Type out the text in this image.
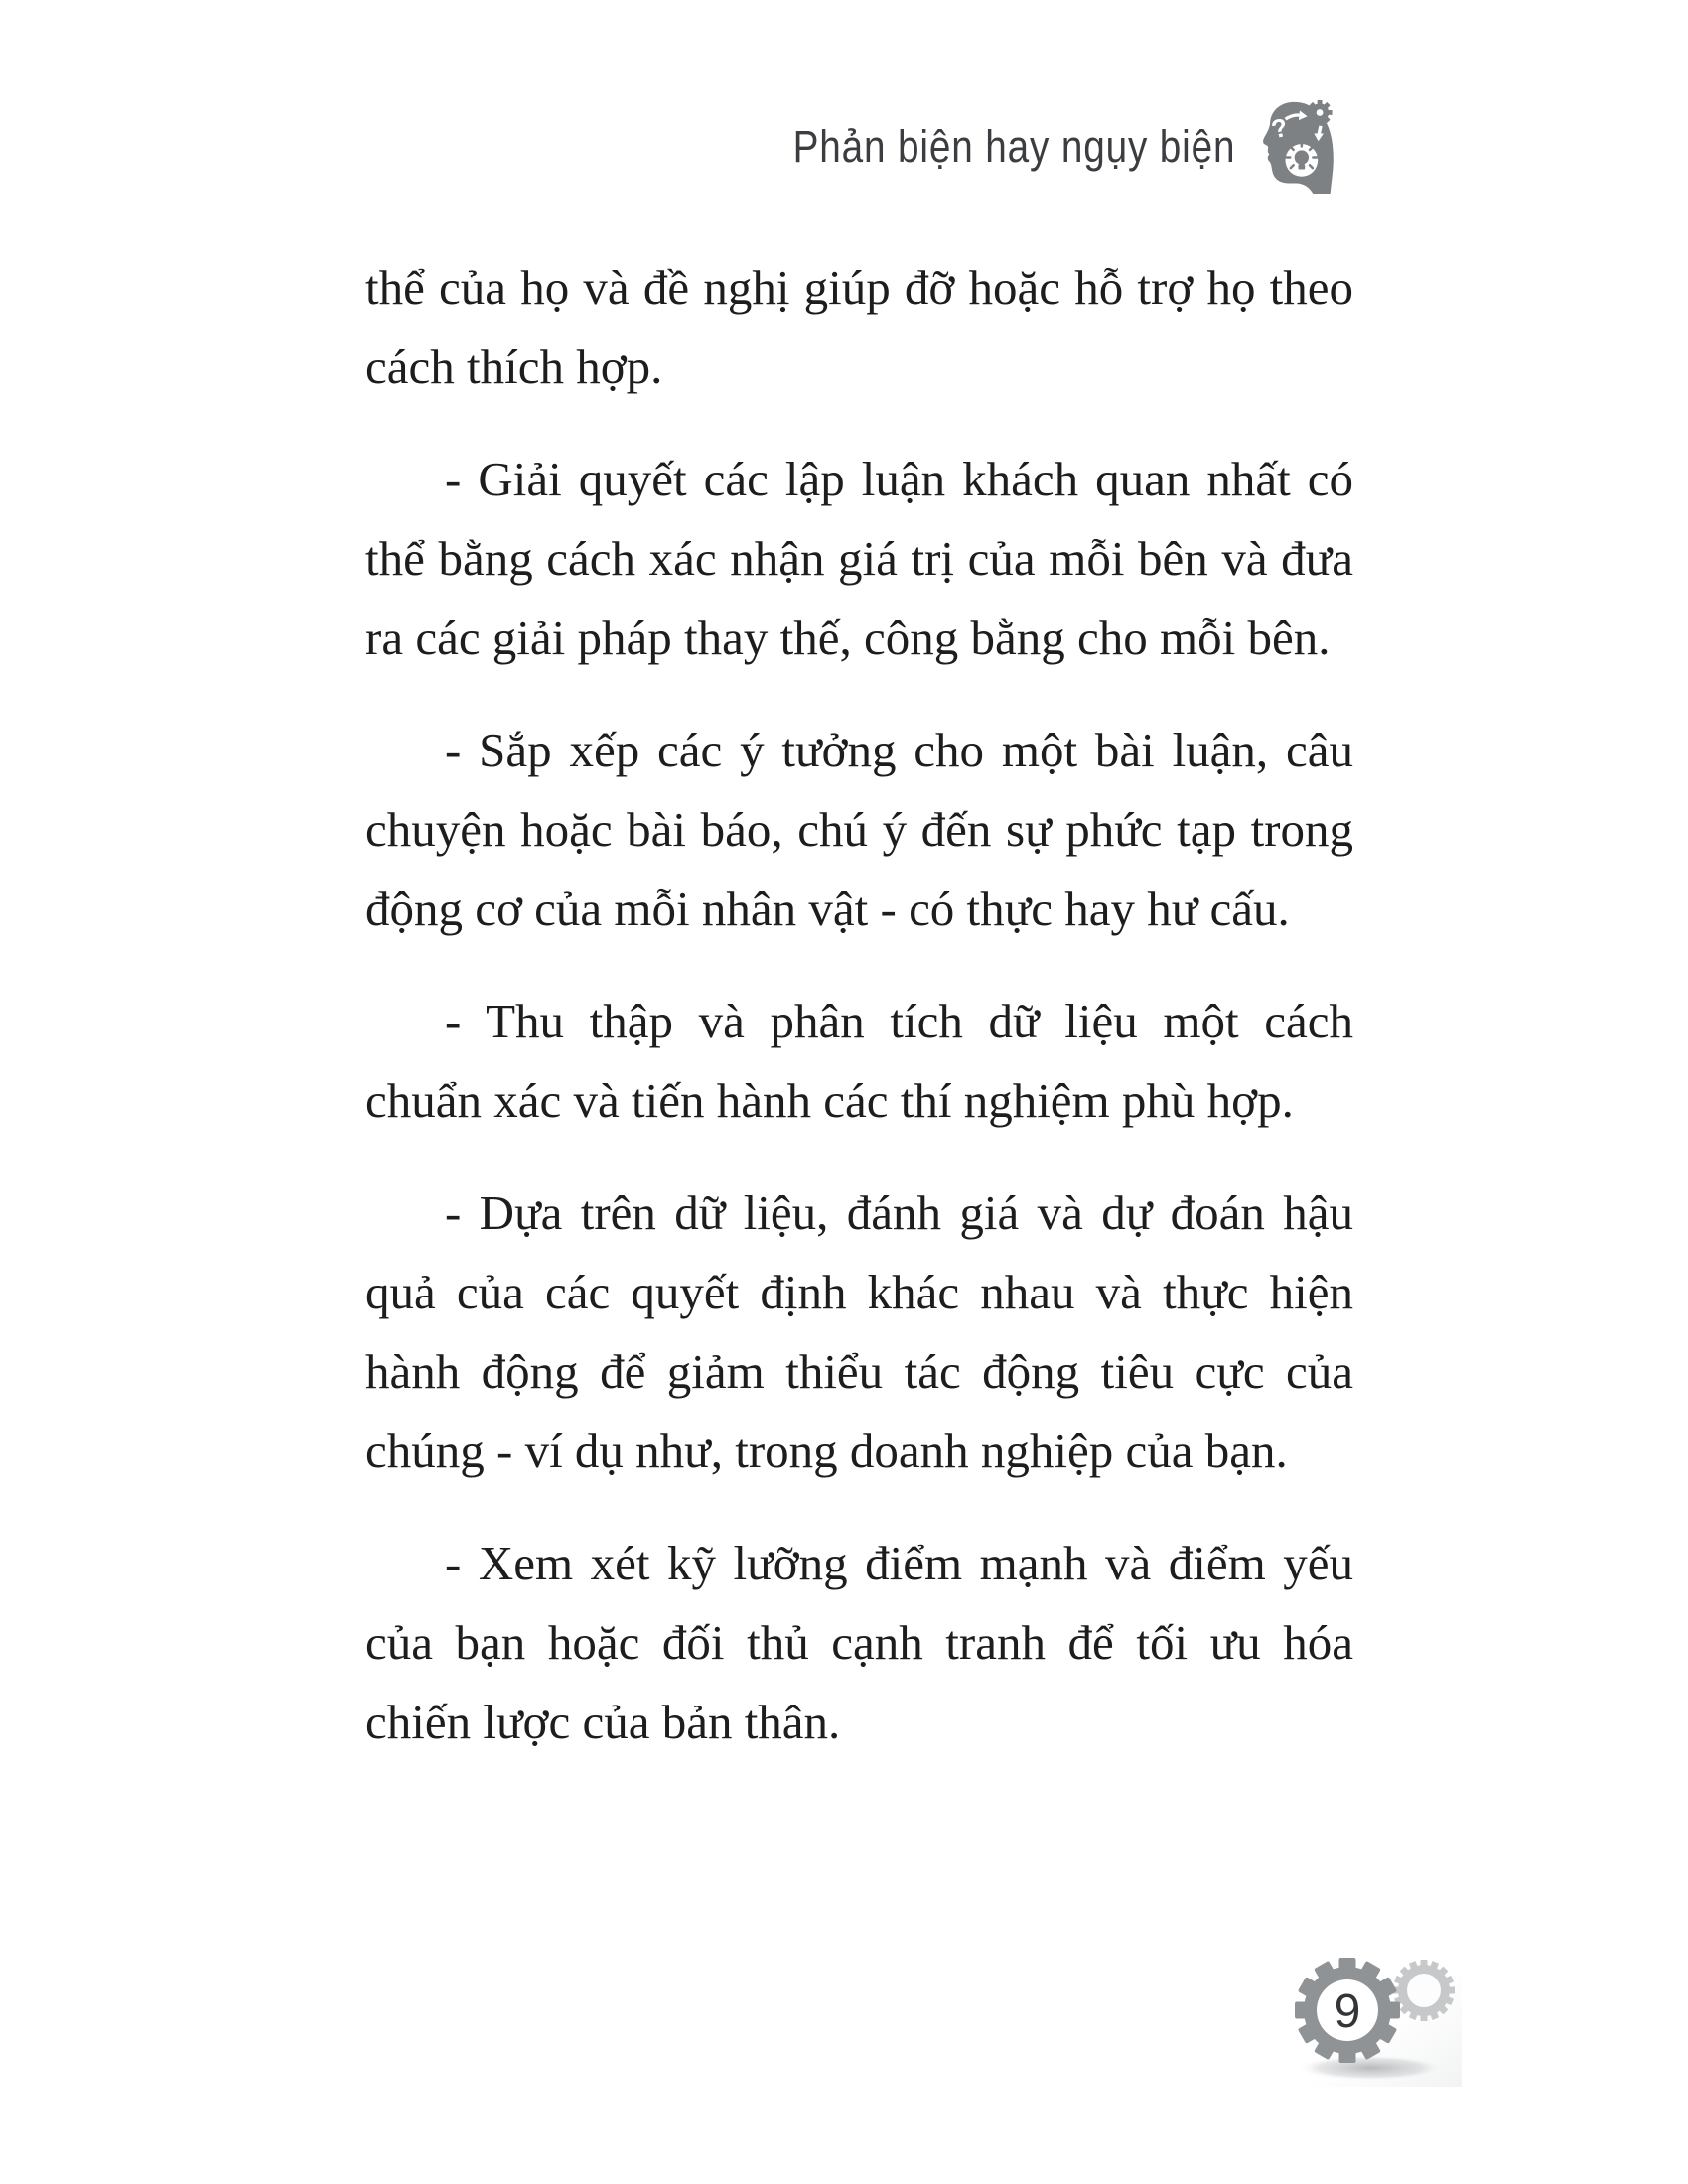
Phản biện hay ngụy biện ?

thể của họ và đề nghị giúp đỡ hoặc hỗ trợ họ theo cách thích hợp.

- Giải quyết các lập luận khách quan nhất có thể bằng cách xác nhận giá trị của mỗi bên và đưa ra các giải pháp thay thế, công bằng cho mỗi bên.

- Sắp xếp các ý tưởng cho một bài luận, câu chuyện hoặc bài báo, chú ý đến sự phức tạp trong động cơ của mỗi nhân vật - có thực hay hư cấu.

- Thu thập và phân tích dữ liệu một cách chuẩn xác và tiến hành các thí nghiệm phù hợp.

- Dựa trên dữ liệu, đánh giá và dự đoán hậu quả của các quyết định khác nhau và thực hiện hành động để giảm thiểu tác động tiêu cực của chúng - ví dụ như, trong doanh nghiệp của bạn.

- Xem xét kỹ lưỡng điểm mạnh và điểm yếu của bạn hoặc đối thủ cạnh tranh để tối ưu hóa chiến lược của bản thân.

9
